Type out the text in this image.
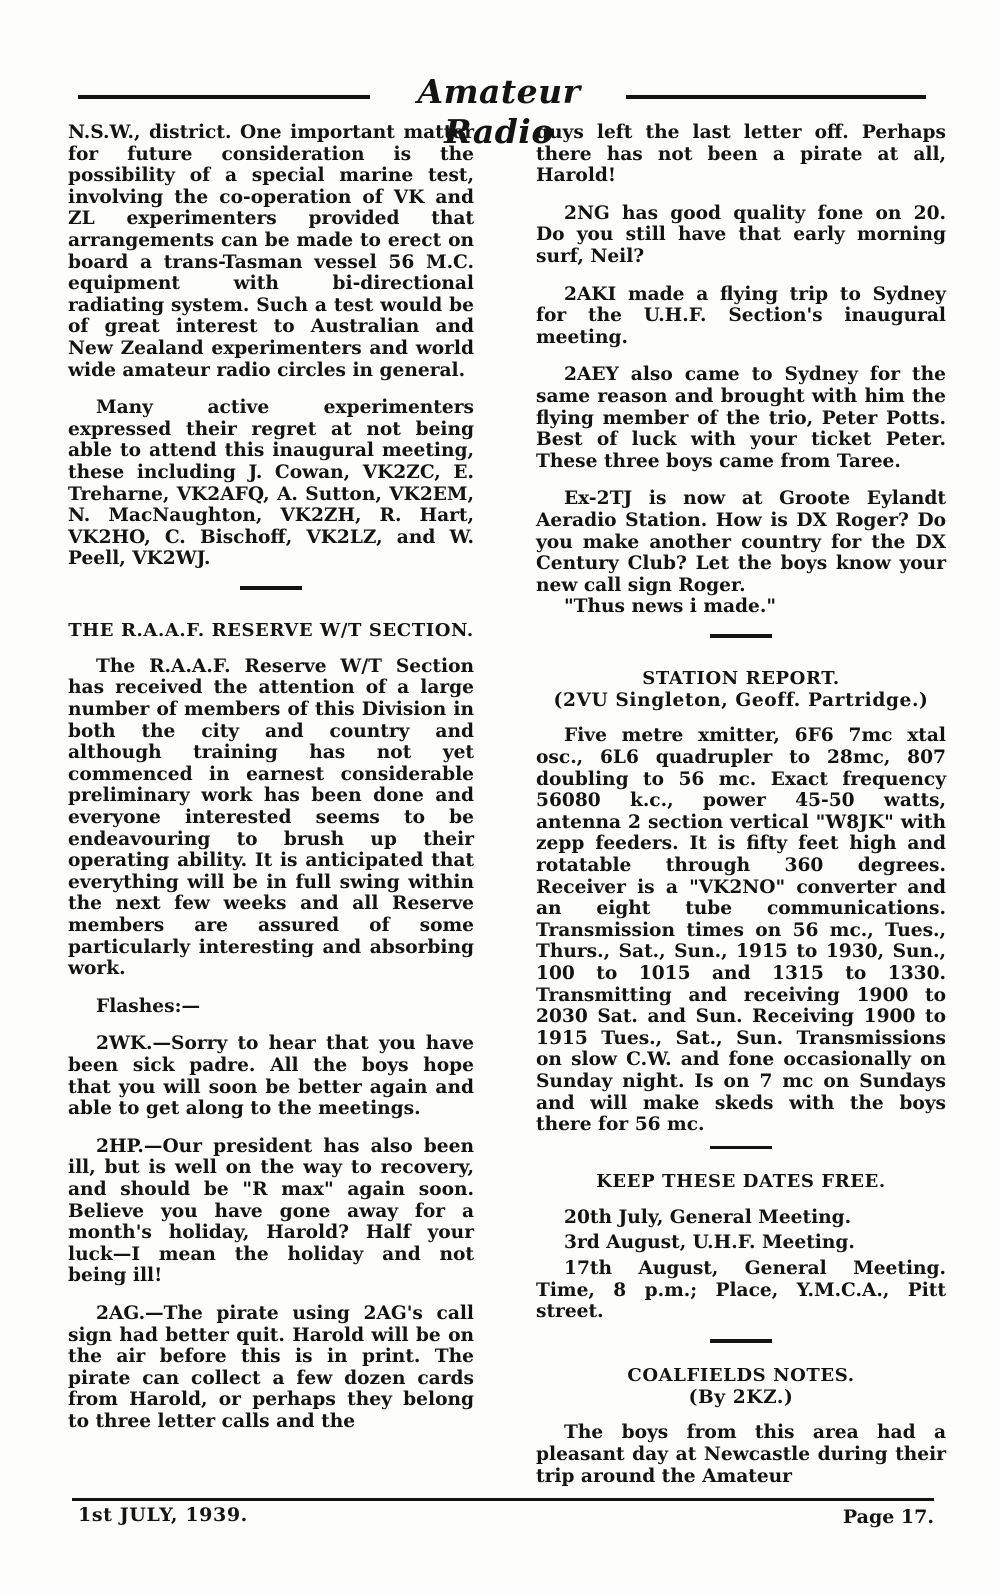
Amateur Radio

N.S.W., district. One important matter for future consideration is the possibility of a special marine test, involving the co-operation of VK and ZL experimenters provided that arrangements can be made to erect on board a trans-Tasman vessel 56 M.C. equipment with bi-directional radiating system. Such a test would be of great interest to Australian and New Zealand experimenters and world wide amateur radio circles in general.

Many active experimenters expressed their regret at not being able to attend this inaugural meeting, these including J. Cowan, VK2ZC, E. Treharne, VK2AFQ, A. Sutton, VK2EM, N. MacNaughton, VK2ZH, R. Hart, VK2HO, C. Bischoff, VK2LZ, and W. Peell, VK2WJ.

THE R.A.A.F. RESERVE W/T SECTION.

The R.A.A.F. Reserve W/T Section has received the attention of a large number of members of this Division in both the city and country and although training has not yet commenced in earnest considerable preliminary work has been done and everyone interested seems to be endeavouring to brush up their operating ability. It is anticipated that everything will be in full swing within the next few weeks and all Reserve members are assured of some particularly interesting and absorbing work.

Flashes:—

2WK.—Sorry to hear that you have been sick padre. All the boys hope that you will soon be better again and able to get along to the meetings.

2HP.—Our president has also been ill, but is well on the way to recovery, and should be "R max" again soon. Believe you have gone away for a month's holiday, Harold? Half your luck—I mean the holiday and not being ill!

2AG.—The pirate using 2AG's call sign had better quit. Harold will be on the air before this is in print. The pirate can collect a few dozen cards from Harold, or perhaps they belong to three letter calls and the

guys left the last letter off. Perhaps there has not been a pirate at all, Harold!

2NG has good quality fone on 20. Do you still have that early morning surf, Neil?

2AKI made a flying trip to Sydney for the U.H.F. Section's inaugural meeting.

2AEY also came to Sydney for the same reason and brought with him the flying member of the trio, Peter Potts. Best of luck with your ticket Peter. These three boys came from Taree.

Ex-2TJ is now at Groote Eylandt Aeradio Station. How is DX Roger? Do you make another country for the DX Century Club? Let the boys know your new call sign Roger.

"Thus news i made."

STATION REPORT.
(2VU Singleton, Geoff. Partridge.)

Five metre xmitter, 6F6 7mc xtal osc., 6L6 quadrupler to 28mc, 807 doubling to 56 mc. Exact frequency 56080 k.c., power 45-50 watts, antenna 2 section vertical "W8JK" with zepp feeders. It is fifty feet high and rotatable through 360 degrees. Receiver is a "VK2NO" converter and an eight tube communications. Transmission times on 56 mc., Tues., Thurs., Sat., Sun., 1915 to 1930, Sun., 100 to 1015 and 1315 to 1330. Transmitting and receiving 1900 to 2030 Sat. and Sun. Receiving 1900 to 1915 Tues., Sat., Sun. Transmissions on slow C.W. and fone occasionally on Sunday night. Is on 7 mc on Sundays and will make skeds with the boys there for 56 mc.

KEEP THESE DATES FREE.

20th July, General Meeting.

3rd August, U.H.F. Meeting.

17th August, General Meeting. Time, 8 p.m.; Place, Y.M.C.A., Pitt street.

COALFIELDS NOTES.
(By 2KZ.)

The boys from this area had a pleasant day at Newcastle during their trip around the Amateur

1st JULY, 1939.	Page 17.
